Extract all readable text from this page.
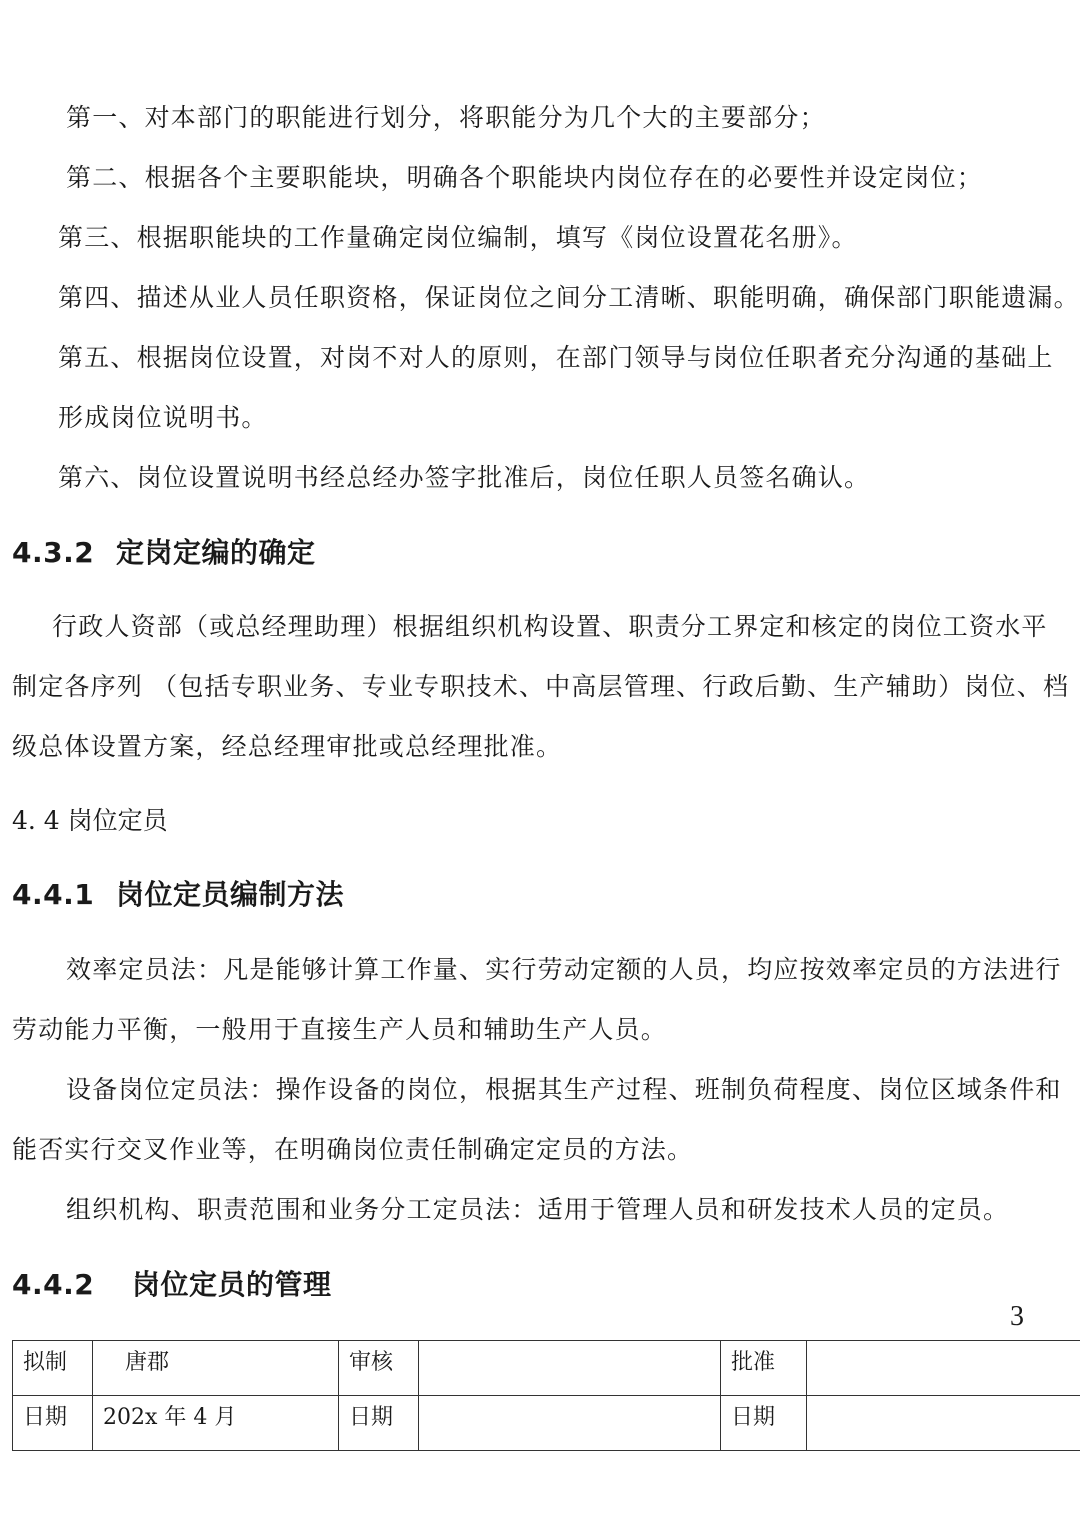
第一、对本部门的职能进行划分，将职能分为几个大的主要部分；
第二、根据各个主要职能块，明确各个职能块内岗位存在的必要性并设定岗位；
第三、根据职能块的工作量确定岗位编制，填写《岗位设置花名册》。
第四、描述从业人员任职资格，保证岗位之间分工清晰、职能明确，确保部门职能遗漏。
第五、根据岗位设置，对岗不对人的原则，在部门领导与岗位任职者充分沟通的基础上
形成岗位说明书。
第六、岗位设置说明书经总经办签字批准后，岗位任职人员签名确认。
4.3.2 定岗定编的确定
行政人资部（或总经理助理）根据组织机构设置、职责分工界定和核定的岗位工资水平
制定各序列 （包括专职业务、专业专职技术、中高层管理、行政后勤、生产辅助）岗位、档
级总体设置方案，经总经理审批或总经理批准。
4. 4 岗位定员
4.4.1 岗位定员编制方法
效率定员法：凡是能够计算工作量、实行劳动定额的人员，均应按效率定员的方法进行
劳动能力平衡，一般用于直接生产人员和辅助生产人员。
设备岗位定员法：操作设备的岗位，根据其生产过程、班制负荷程度、岗位区域条件和
能否实行交叉作业等，在明确岗位责任制确定定员的方法。
组织机构、职责范围和业务分工定员法：适用于管理人员和研发技术人员的定员。
4.4.2 岗位定员的管理
3
拟制	唐郡	审核		批准	
日期	202x 年 4 月	日期		日期	
